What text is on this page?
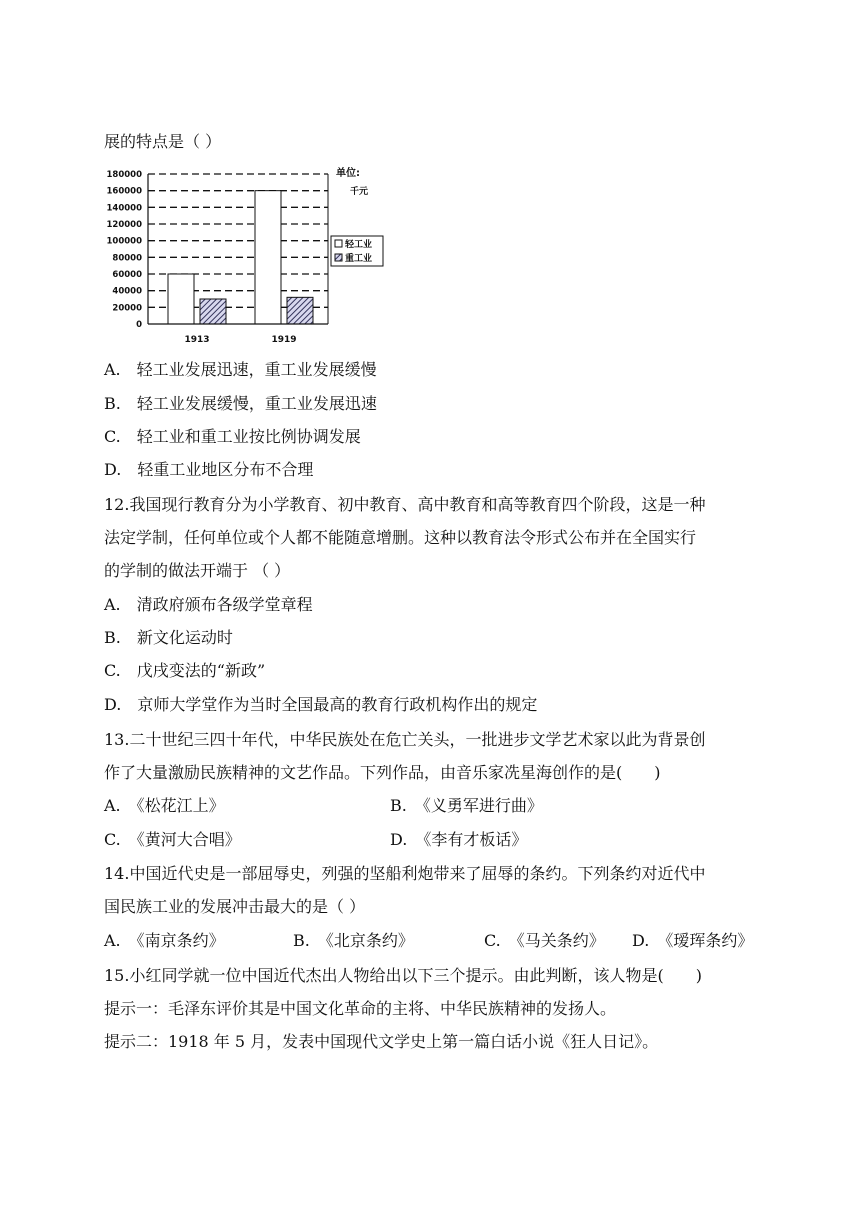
展的特点是（ ）
0
20000
40000
60000
80000
100000
120000
140000
160000
180000
1913	1919
单位:
千元
轻工业
重工业
A.　轻工业发展迅速，重工业发展缓慢
B.　轻工业发展缓慢，重工业发展迅速
C.　轻工业和重工业按比例协调发展
D.　轻重工业地区分布不合理
12.我国现行教育分为小学教育、初中教育、高中教育和高等教育四个阶段，这是一种
法定学制，任何单位或个人都不能随意增删。这种以教育法令形式公布并在全国实行
的学制的做法开端于 （ ）
A.　清政府颁布各级学堂章程
B.　新文化运动时
C.　戊戌变法的“新政”
D.　京师大学堂作为当时全国最高的教育行政机构作出的规定
13.二十世纪三四十年代，中华民族处在危亡关头，一批进步文学艺术家以此为背景创
作了大量激励民族精神的文艺作品。下列作品，由音乐家冼星海创作的是(　　)
A.　《松花江上》	B.　《义勇军进行曲》
C.　《黄河大合唱》	D.　《李有才板话》
14.中国近代史是一部屈辱史，列强的坚船利炮带来了屈辱的条约。下列条约对近代中
国民族工业的发展冲击最大的是（ ）
A.　《南京条约》	B.　《北京条约》	C.　《马关条约》 D.　《瑷珲条约》
15.小红同学就一位中国近代杰出人物给出以下三个提示。由此判断，该人物是(　　)
提示一：毛泽东评价其是中国文化革命的主将、中华民族精神的发扬人。
提示二：1918 年 5 月，发表中国现代文学史上第一篇白话小说《狂人日记》。
